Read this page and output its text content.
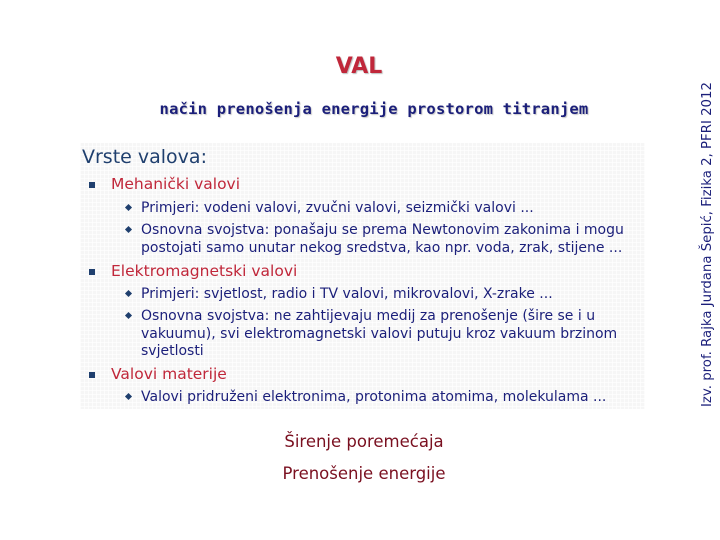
VAL
način prenošenja energije prostorom titranjem	Izv. prof. Rajka Jurdana Šepić, Fizika 2, PFRI 2012
Vrste valova:
Mehanički valovi
Primjeri: vodeni valovi, zvučni valovi, seizmički valovi ...
Osnovna svojstva: ponašaju se prema Newtonovim zakonima i mogu postojati samo unutar nekog sredstva, kao npr. voda, zrak, stijene ...
Elektromagnetski valovi
Primjeri: svjetlost, radio i TV valovi, mikrovalovi, X-zrake ...
Osnovna svojstva: ne zahtijevaju medij za prenošenje (šire se i u vakuumu), svi elektromagnetski valovi putuju kroz vakuum brzinom svjetlosti
Valovi materije
Valovi pridruženi elektronima, protonima atomima, molekulama ...
Širenje poremećaja
Prenošenje energije
